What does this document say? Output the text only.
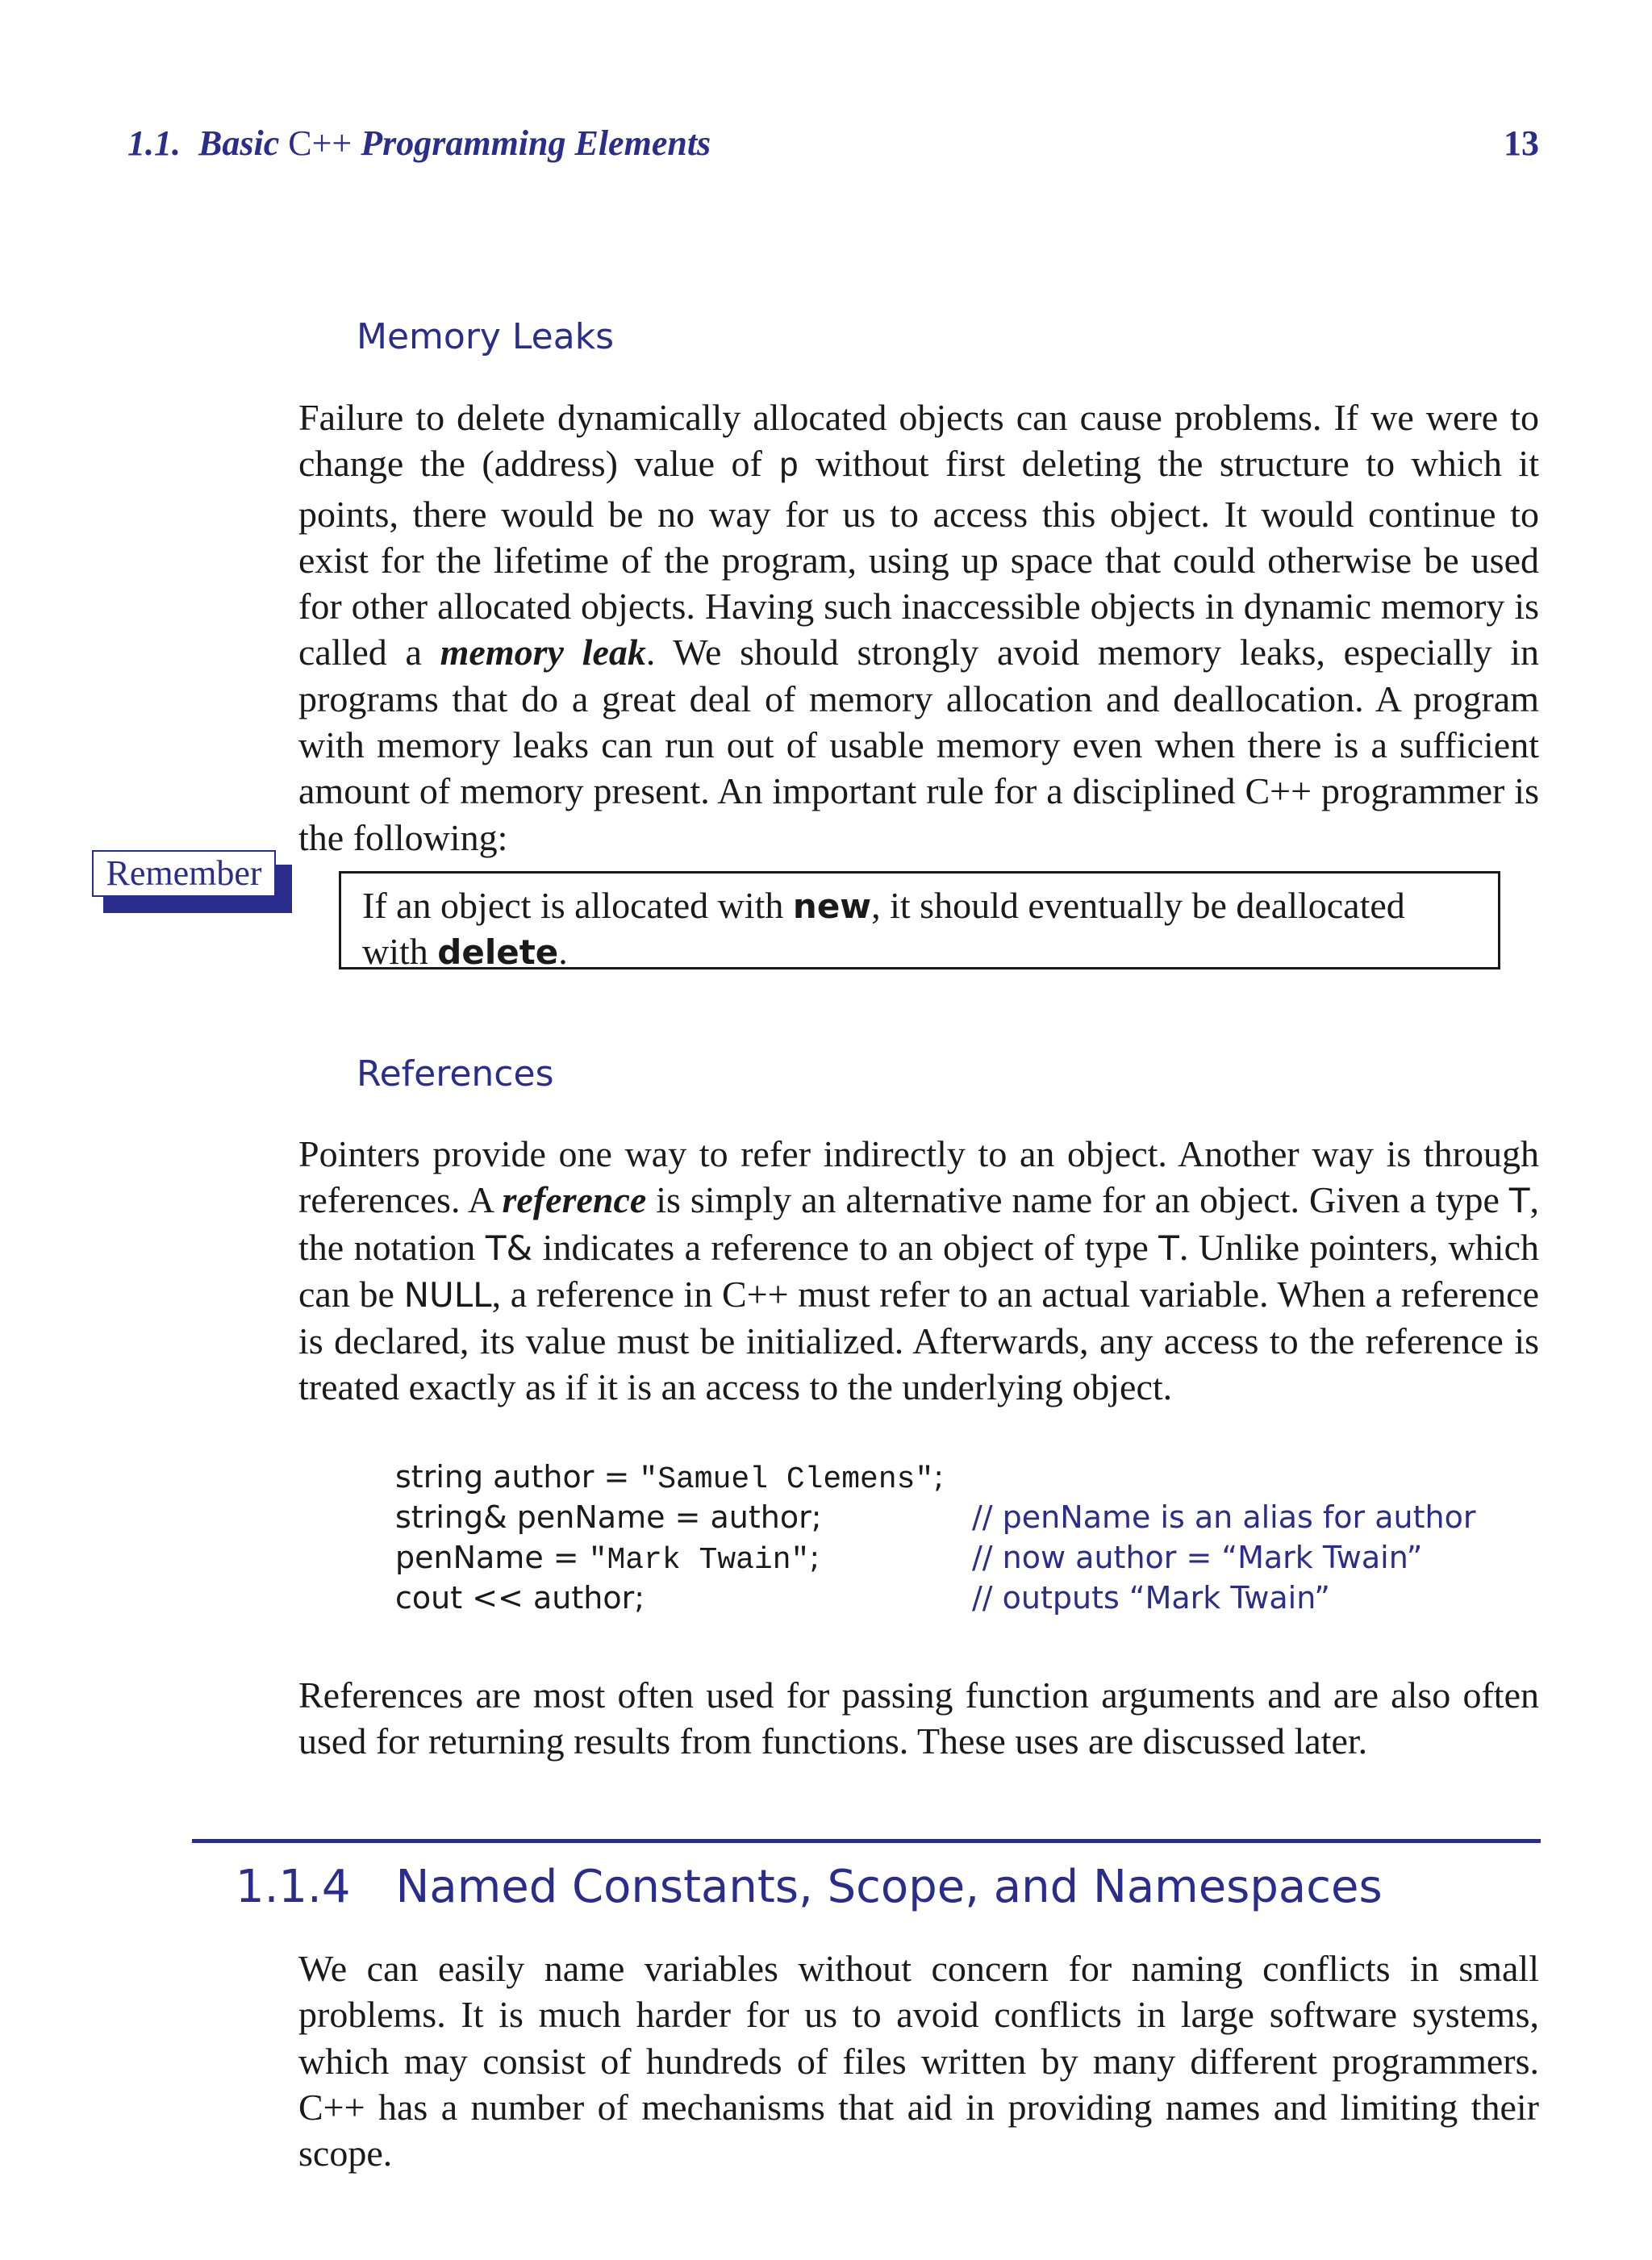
1.1. Basic C++ Programming Elements	13
Memory Leaks
Failure to delete dynamically allocated objects can cause problems. If we were to change the (address) value of p without first deleting the structure to which it points, there would be no way for us to access this object. It would continue to exist for the lifetime of the program, using up space that could otherwise be used for other allocated objects. Having such inaccessible objects in dynamic memory is called a memory leak. We should strongly avoid memory leaks, especially in programs that do a great deal of memory allocation and deallocation. A program with memory leaks can run out of usable memory even when there is a sufficient amount of memory present. An important rule for a disciplined C++ programmer is the following:
Remember
If an object is allocated with new, it should eventually be deallocated with delete.
References
Pointers provide one way to refer indirectly to an object. Another way is through references. A reference is simply an alternative name for an object. Given a type T, the notation T& indicates a reference to an object of type T. Unlike pointers, which can be NULL, a reference in C++ must refer to an actual variable. When a reference is declared, its value must be initialized. Afterwards, any access to the reference is treated exactly as if it is an access to the underlying object.
string author = "Samuel Clemens";
string& penName = author;	// penName is an alias for author
penName = "Mark Twain";	// now author = “Mark Twain”
cout << author;	// outputs “Mark Twain”
References are most often used for passing function arguments and are also often used for returning results from functions. These uses are discussed later.
1.1.4 Named Constants, Scope, and Namespaces
We can easily name variables without concern for naming conflicts in small problems. It is much harder for us to avoid conflicts in large software systems, which may consist of hundreds of files written by many different programmers. C++ has a number of mechanisms that aid in providing names and limiting their scope.
